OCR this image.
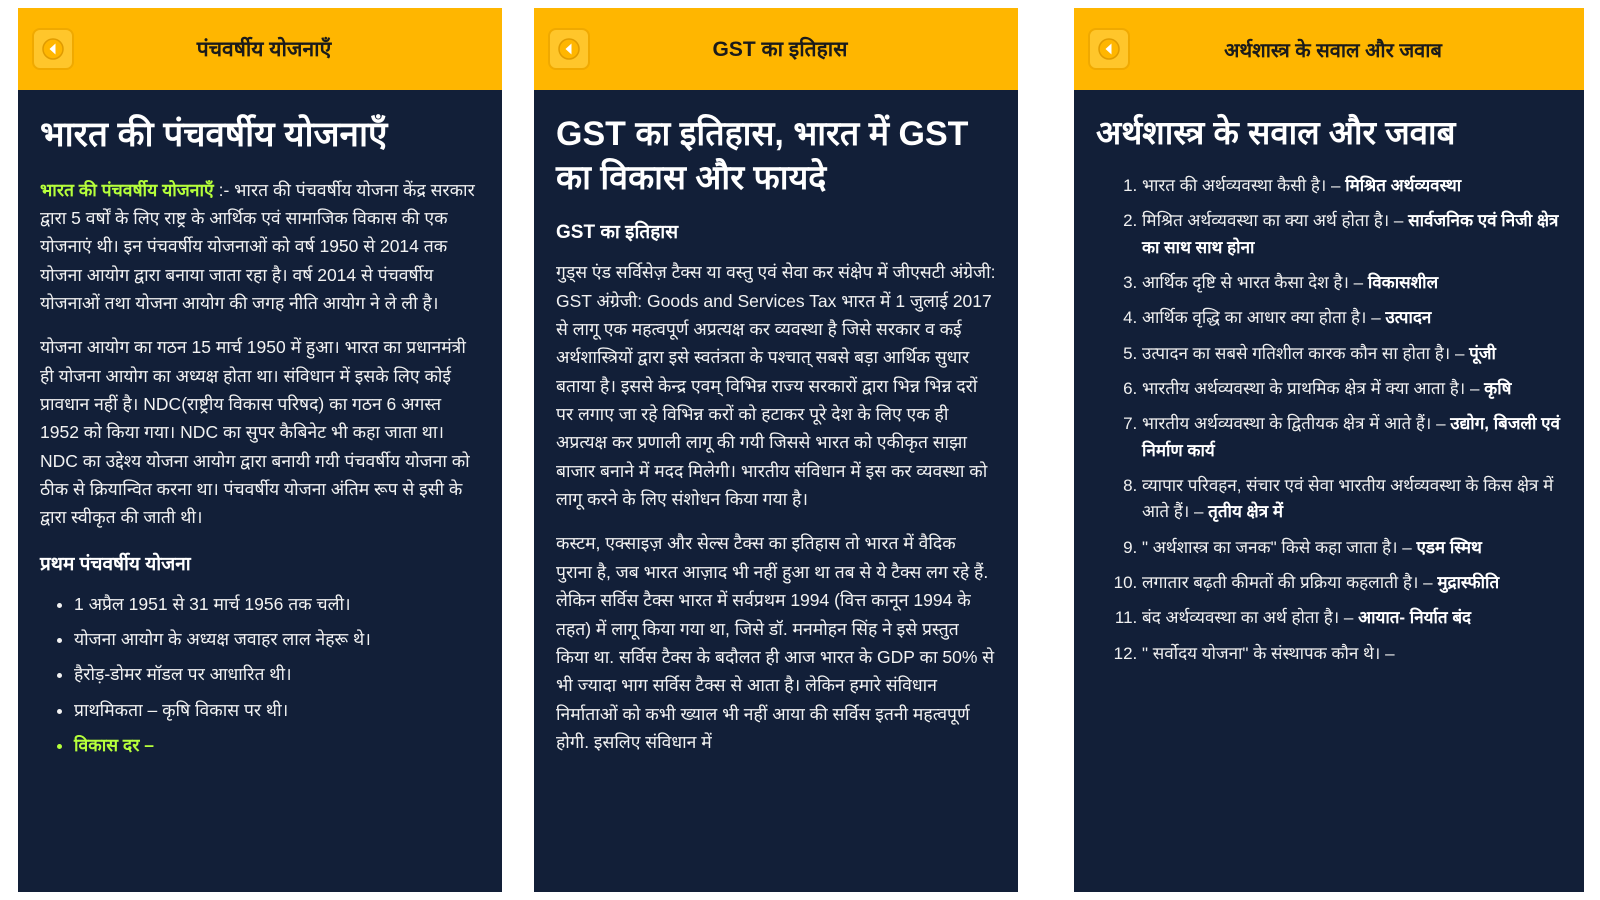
पंचवर्षीय योजनाएँ
भारत की पंचवर्षीय योजनाएँ

भारत की पंचवर्षीय योजनाएँ :- भारत की पंचवर्षीय योजना केंद्र सरकार द्वारा 5 वर्षों के लिए राष्ट्र के आर्थिक एवं सामाजिक विकास की एक योजनाएं थी। इन पंचवर्षीय योजनाओं को वर्ष 1950 से 2014 तक योजना आयोग द्वारा बनाया जाता रहा है। वर्ष 2014 से पंचवर्षीय योजनाओं तथा योजना आयोग की जगह नीति आयोग ने ले ली है।

योजना आयोग का गठन 15 मार्च 1950 में हुआ। भारत का प्रधानमंत्री ही योजना आयोग का अध्यक्ष होता था। संविधान में इसके लिए कोई प्रावधान नहीं है। NDC(राष्ट्रीय विकास परिषद) का गठन 6 अगस्त 1952 को किया गया। NDC का सुपर कैबिनेट भी कहा जाता था। NDC का उद्देश्य योजना आयोग द्वारा बनायी गयी पंचवर्षीय योजना को ठीक से क्रियान्वित करना था। पंचवर्षीय योजना अंतिम रूप से इसी के द्वारा स्वीकृत की जाती थी।

प्रथम पंचवर्षीय योजना
• 1 अप्रैल 1951 से 31 मार्च 1956 तक चली।
• योजना आयोग के अध्यक्ष जवाहर लाल नेहरू थे।
• हैरोड़-डोमर मॉडल पर आधारित थी।
• प्राथमिकता – कृषि विकास पर थी।
• विकास दर –
GST का इतिहास
GST का इतिहास, भारत में GST का विकास और फायदे
GST का इतिहास

गुड्स एंड सर्विसेज़ टैक्स या वस्तु एवं सेवा कर संक्षेप में जीएसटी अंग्रेजी: GST अंग्रेजी: Goods and Services Tax भारत में 1 जुलाई 2017 से लागू एक महत्वपूर्ण अप्रत्यक्ष कर व्यवस्था है जिसे सरकार व कई अर्थशास्त्रियों द्वारा इसे स्वतंत्रता के पश्चात् सबसे बड़ा आर्थिक सुधार बताया है। इससे केन्द्र एवम् विभिन्न राज्य सरकारों द्वारा भिन्न भिन्न दरों पर लगाए जा रहे विभिन्न करों को हटाकर पूरे देश के लिए एक ही अप्रत्यक्ष कर प्रणाली लागू की गयी जिससे भारत को एकीकृत साझा बाजार बनाने में मदद मिलेगी। भारतीय संविधान में इस कर व्यवस्था को लागू करने के लिए संशोधन किया गया है।

कस्टम, एक्साइज़ और सेल्स टैक्स का इतिहास तो भारत में वैदिक पुराना है, जब भारत आज़ाद भी नहीं हुआ था तब से ये टैक्स लग रहे हैं. लेकिन सर्विस टैक्स भारत में सर्वप्रथम 1994 (वित्त कानून 1994 के तहत) में लागू किया गया था, जिसे डॉ. मनमोहन सिंह ने इसे प्रस्तुत किया था. सर्विस टैक्स के बदौलत ही आज भारत के GDP का 50% से भी ज्यादा भाग सर्विस टैक्स से आता है। लेकिन हमारे संविधान निर्माताओं को कभी ख्याल भी नहीं आया की सर्विस इतनी महत्वपूर्ण होगी. इसलिए संविधान में

अर्थशास्त्र के सवाल और जवाब
अर्थशास्त्र के सवाल और जवाब
1. भारत की अर्थव्यवस्था कैसी है। – मिश्रित अर्थव्यवस्था
2. मिश्रित अर्थव्यवस्था का क्या अर्थ होता है। – सार्वजनिक एवं निजी क्षेत्र का साथ साथ होना
3. आर्थिक दृष्टि से भारत कैसा देश है। – विकासशील
4. आर्थिक वृद्धि का आधार क्या होता है। – उत्पादन
5. उत्पादन का सबसे गतिशील कारक कौन सा होता है। – पूंजी
6. भारतीय अर्थव्यवस्था के प्राथमिक क्षेत्र में क्या आता है। – कृषि
7. भारतीय अर्थव्यवस्था के द्वितीयक क्षेत्र में आते हैं। – उद्योग, बिजली एवं निर्माण कार्य
8. व्यापार परिवहन, संचार एवं सेवा भारतीय अर्थव्यवस्था के किस क्षेत्र में आते हैं। – तृतीय क्षेत्र में
9. " अर्थशास्त्र का जनक" किसे कहा जाता है। – एडम स्मिथ
10. लगातार बढ़ती कीमतों की प्रक्रिया कहलाती है। – मुद्रास्फीति
11. बंद अर्थव्यवस्था का अर्थ होता है। – आयात- निर्यात बंद
12. " सर्वोदय योजना" के संस्थापक कौन थे। –
